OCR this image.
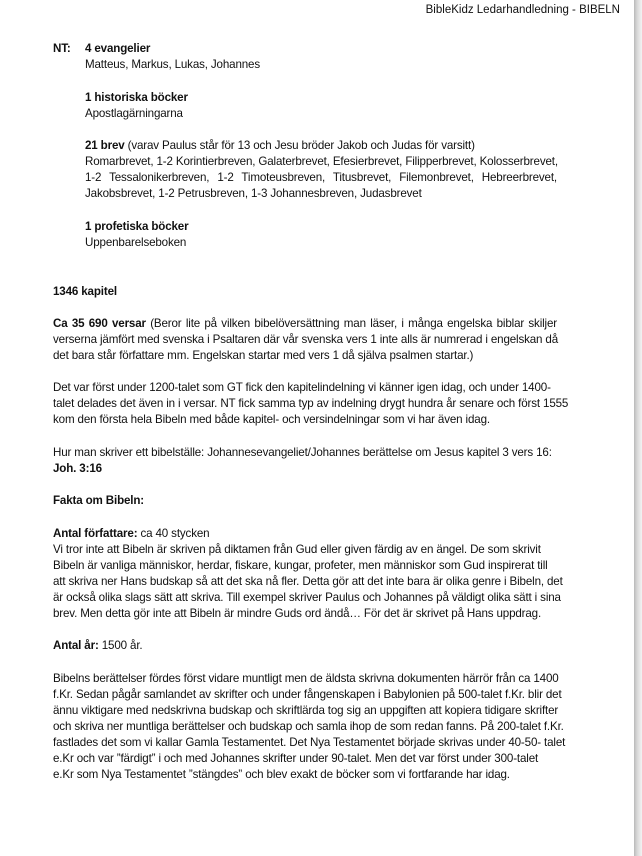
BibleKidz Ledarhandledning - BIBELN
NT: 4 evangelier
Matteus, Markus, Lukas, Johannes
1 historiska böcker
Apostlagärningarna
21 brev (varav Paulus står för 13 och Jesu bröder Jakob och Judas för varsitt)
Romarbrevet, 1-2 Korintierbreven, Galaterbrevet, Efesierbrevet, Filipperbrevet, Kolosserbrevet,
1-2 Tessalonikerbreven, 1-2 Timoteusbreven, Titusbrevet, Filemonbrevet, Hebreerbrevet,
Jakobsbrevet, 1-2 Petrusbreven, 1-3 Johannesbreven, Judasbrevet
1 profetiska böcker
Uppenbarelseboken
1346 kapitel
Ca 35 690 versar (Beror lite på vilken bibelöversättning man läser, i många engelska biblar skiljer
verserna jämfört med svenska i Psaltaren där vår svenska vers 1 inte alls är numrerad i engelskan då
det bara står författare mm. Engelskan startar med vers 1 då själva psalmen startar.)
Det var först under 1200-talet som GT fick den kapitelindelning vi känner igen idag, och under 1400-
talet delades det även in i versar. NT fick samma typ av indelning drygt hundra år senare och först 1555
kom den första hela Bibeln med både kapitel- och versindelningar som vi har även idag.
Hur man skriver ett bibelställe: Johannesevangeliet/Johannes berättelse om Jesus kapitel 3 vers 16:
Joh. 3:16
Fakta om Bibeln:
Antal författare: ca 40 stycken
Vi tror inte att Bibeln är skriven på diktamen från Gud eller given färdig av en ängel. De som skrivit
Bibeln är vanliga människor, herdar, fiskare, kungar, profeter, men människor som Gud inspirerat till
att skriva ner Hans budskap så att det ska nå fler. Detta gör att det inte bara är olika genre i Bibeln, det
är också olika slags sätt att skriva. Till exempel skriver Paulus och Johannes på väldigt olika sätt i sina
brev. Men detta gör inte att Bibeln är mindre Guds ord ändå… För det är skrivet på Hans uppdrag.
Antal år: 1500 år.
Bibelns berättelser fördes först vidare muntligt men de äldsta skrivna dokumenten härrör från ca 1400
f.Kr. Sedan pågår samlandet av skrifter och under fångenskapen i Babylonien på 500-talet f.Kr. blir det
ännu viktigare med nedskrivna budskap och skriftlärda tog sig an uppgiften att kopiera tidigare skrifter
och skriva ner muntliga berättelser och budskap och samla ihop de som redan fanns. På 200-talet f.Kr.
fastlades det som vi kallar Gamla Testamentet. Det Nya Testamentet började skrivas under 40-50- talet
e.Kr och var ”färdigt” i och med Johannes skrifter under 90-talet. Men det var först under 300-talet
e.Kr som Nya Testamentet ”stängdes” och blev exakt de böcker som vi fortfarande har idag.
